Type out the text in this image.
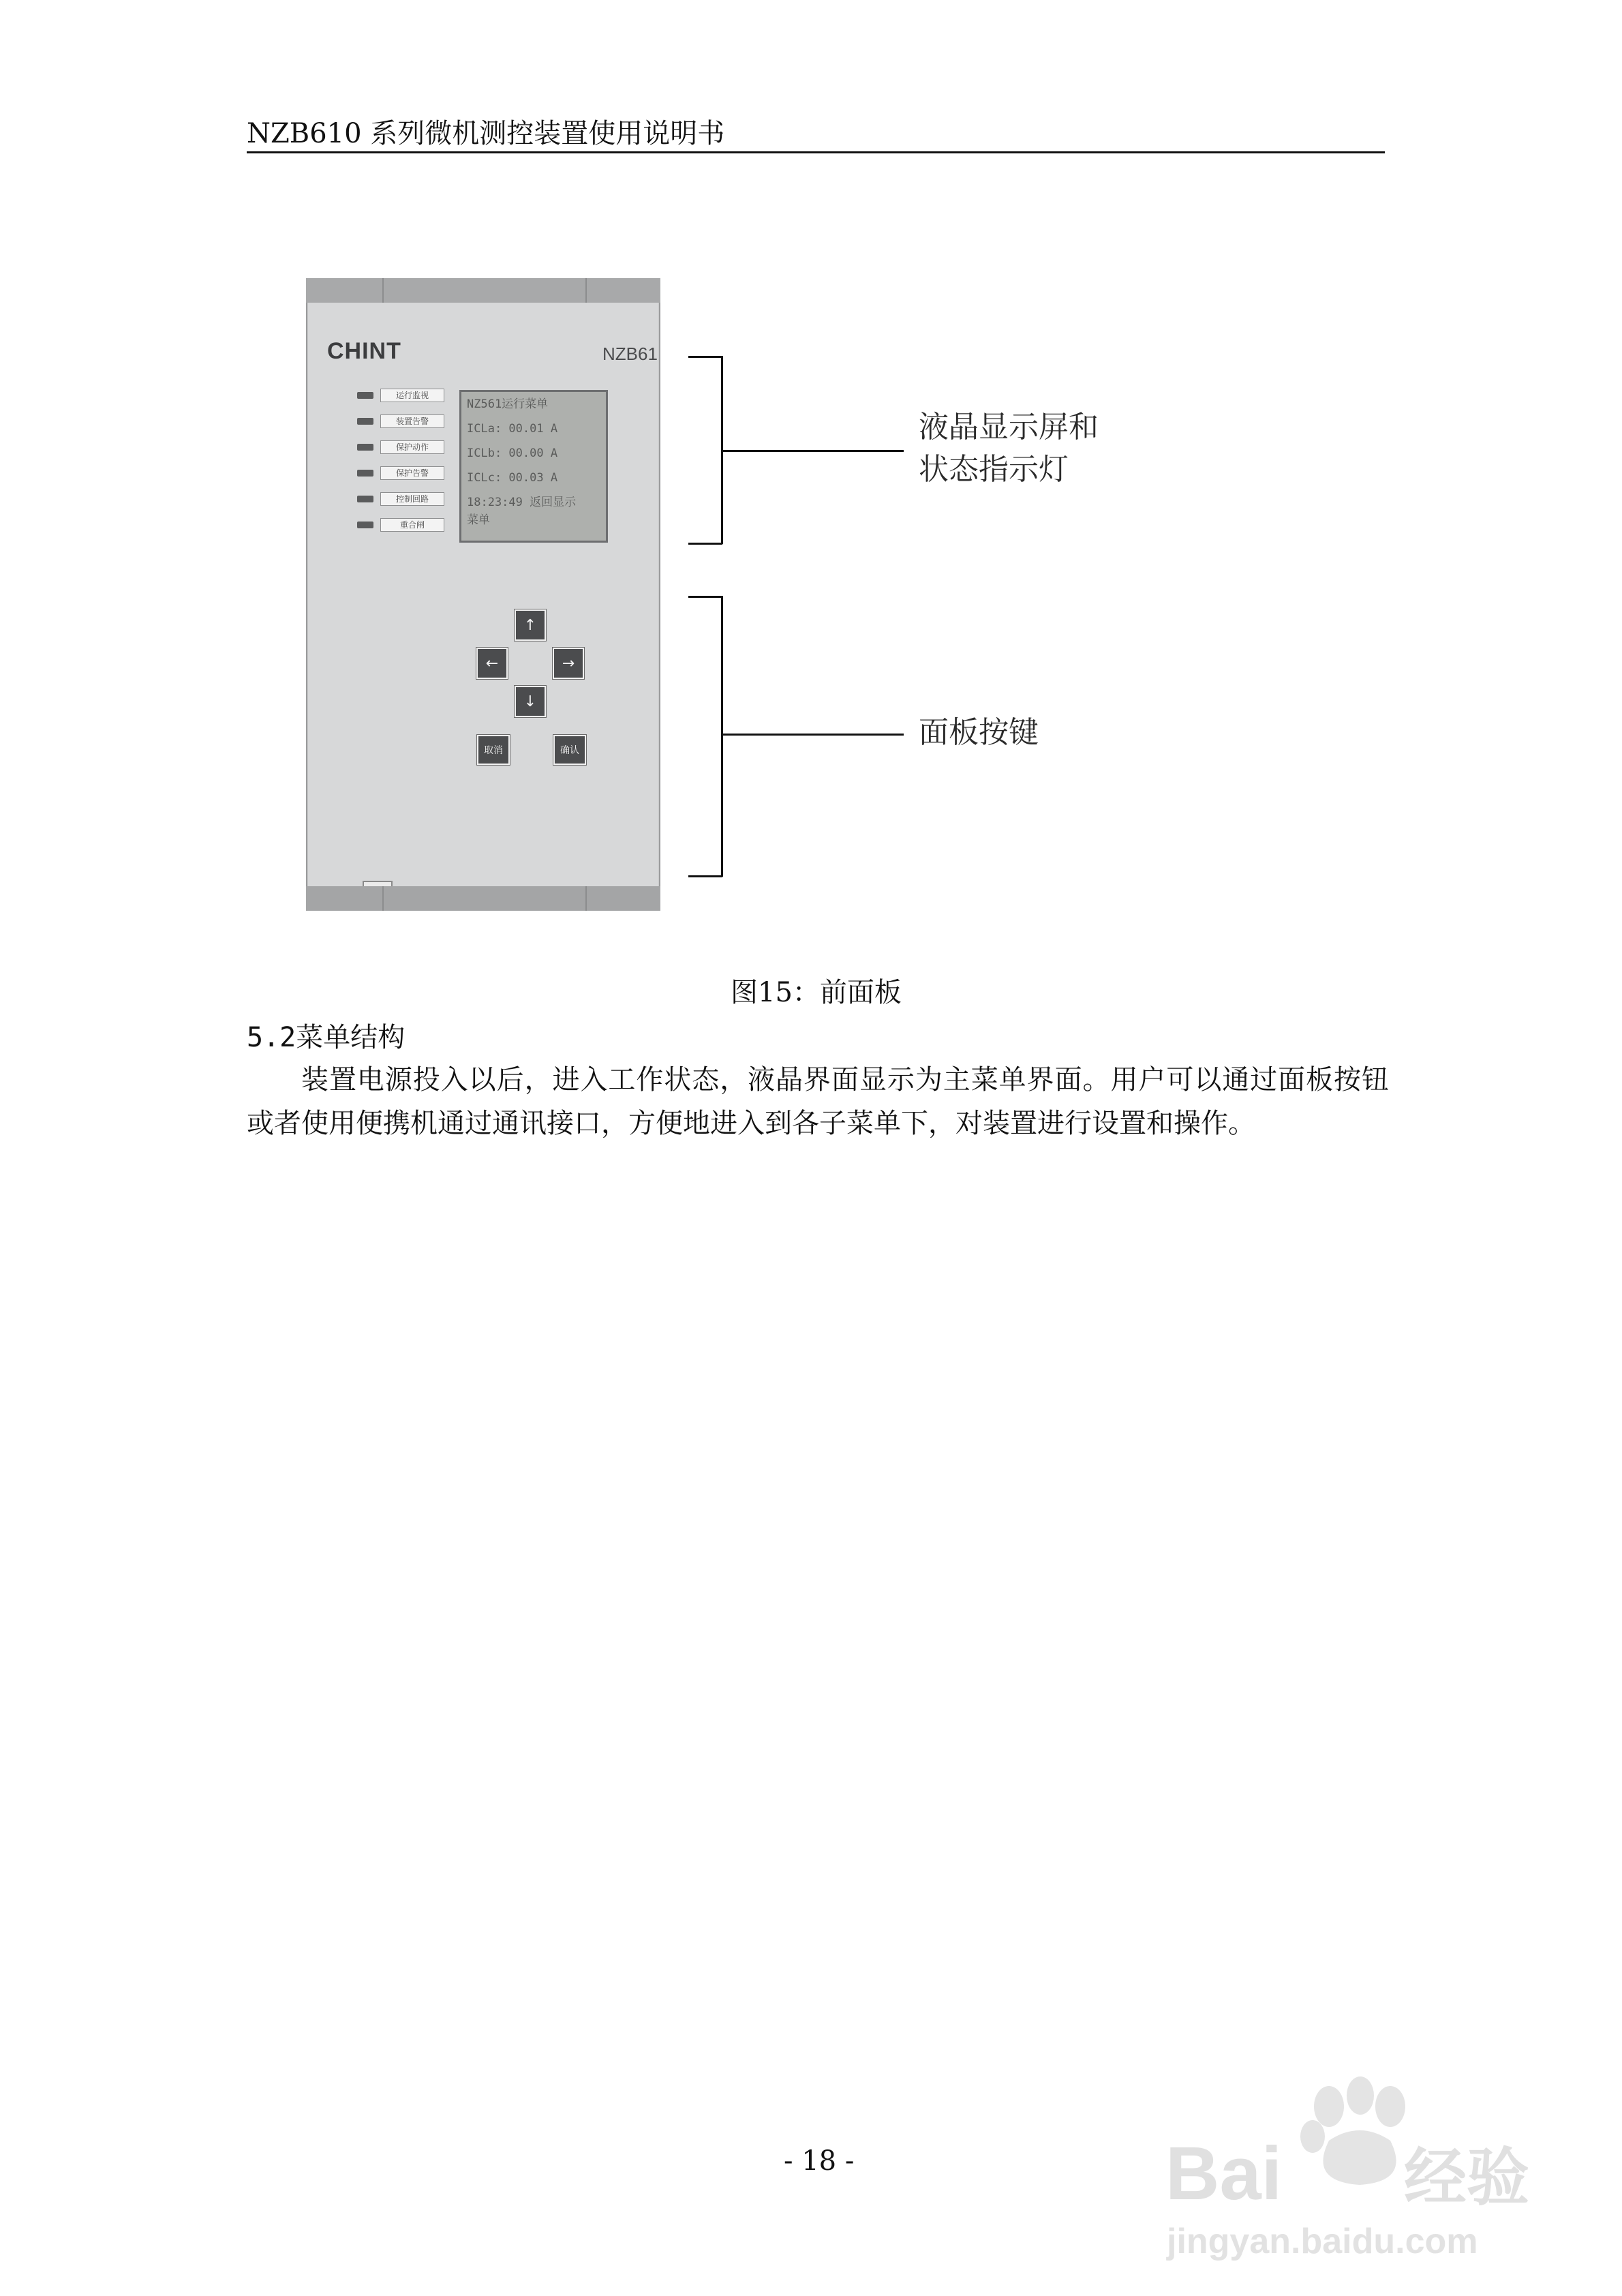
NZB610 系列微机测控装置使用说明书
CHINT	NZB61
运行监视
装置告警
保护动作
保护告警
控制回路
重合闸
NZ561运行菜单
ICLa: 00.01 A
ICLb: 00.00 A
ICLc: 00.03 A
18:23:49 返回显示
菜单
↑
←	→
↓
取消	确认
液晶显示屏和
状态指示灯
面板按键
图15：前面板
5.2菜单结构
装置电源投入以后，进入工作状态，液晶界面显示为主菜单界面。用户可以通过面板按钮或者使用便携机通过通讯接口，方便地进入到各子菜单下，对装置进行设置和操作。
- 18 -	Bai 经验
jingyan.baidu.com
